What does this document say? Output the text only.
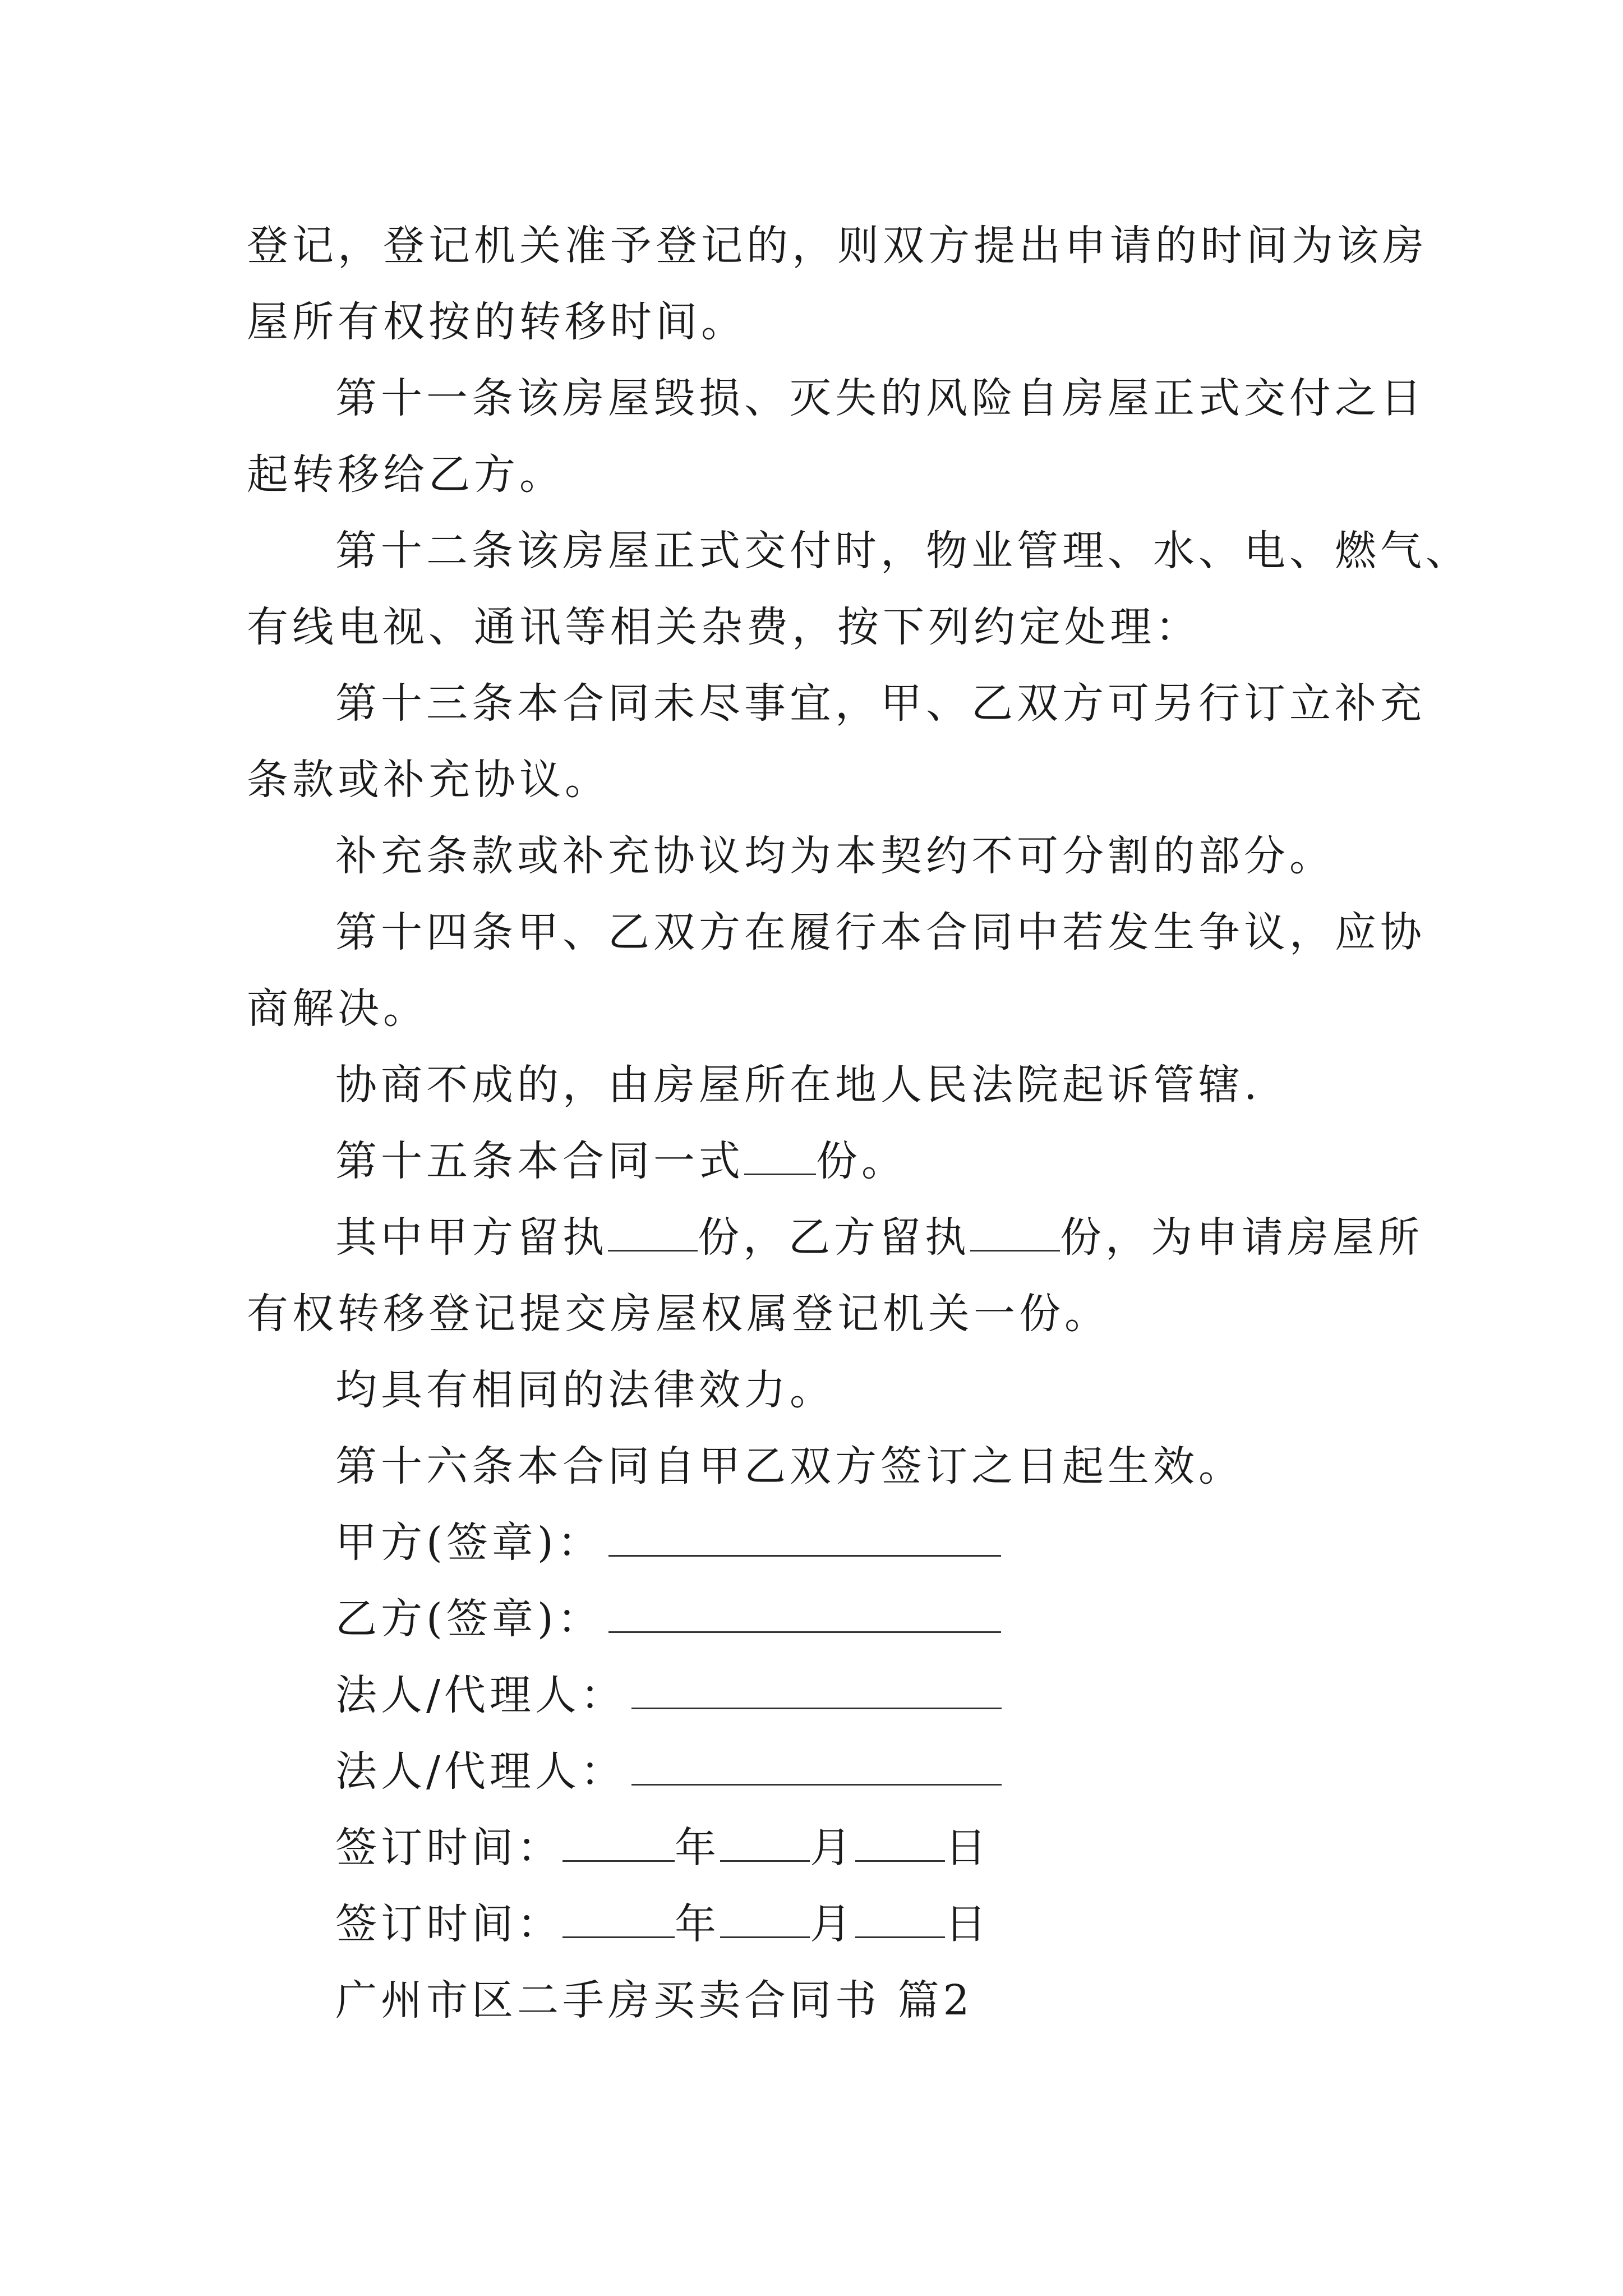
登记，登记机关准予登记的，则双方提出申请的时间为该房
屋所有权按的转移时间。
第十一条该房屋毁损、灭失的风险自房屋正式交付之日
起转移给乙方。
第十二条该房屋正式交付时，物业管理、水、电、燃气、
有线电视、通讯等相关杂费，按下列约定处理：
第十三条本合同未尽事宜，甲、乙双方可另行订立补充
条款或补充协议。
补充条款或补充协议均为本契约不可分割的部分。
第十四条甲、乙双方在履行本合同中若发生争议，应协
商解决。
协商不成的，由房屋所在地人民法院起诉管辖.
第十五条本合同一式 份。
其中甲方留执 份，乙方留执 份，为申请房屋所
有权转移登记提交房屋权属登记机关一份。
均具有相同的法律效力。
第十六条本合同自甲乙双方签订之日起生效。
甲方(签章)：
乙方(签章)：
法人/代理人：
法人/代理人：
签订时间：	年 月 日
签订时间：	年 月 日
广州市区二手房买卖合同书 篇2
